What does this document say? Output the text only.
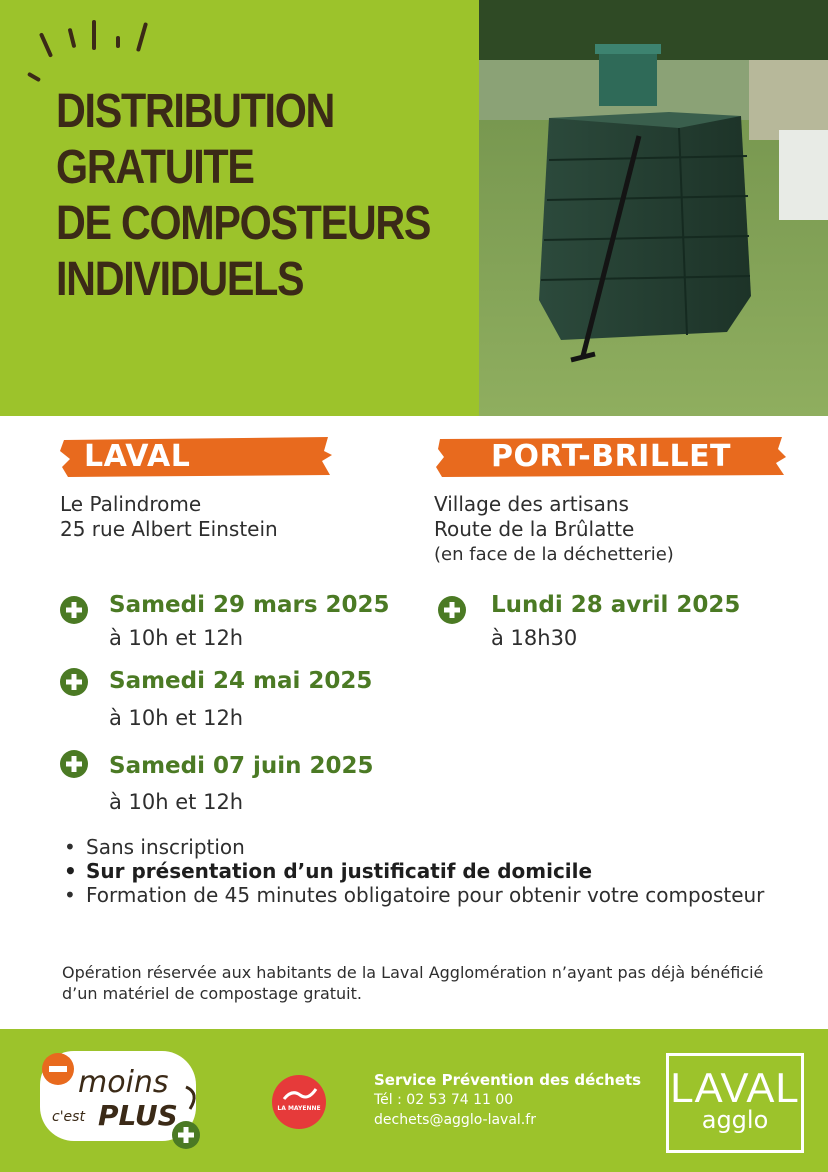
DISTRIBUTION
GRATUITE
DE COMPOSTEURS
INDIVIDUELS
LAVAL	PORT-BRILLET
Le Palindrome
25 rue Albert Einstein
Village des artisans
Route de la Brûlatte
(en face de la déchetterie)
Samedi 29 mars 2025
à 10h et 12h
Samedi 24 mai 2025
à 10h et 12h
Samedi 07 juin 2025
à 10h et 12h
Lundi 28 avril 2025
à 18h30
• Sans inscription
• Sur présentation d’un justificatif de domicile
• Formation de 45 minutes obligatoire pour obtenir votre composteur
Opération réservée aux habitants de la Laval Agglomération n’ayant pas déjà bénéficié d’un matériel de compostage gratuit.
moins
c'est PLUS	LA MAYENNE
Service Prévention des déchets
Tél : 02 53 74 11 00
dechets@agglo-laval.fr
LAVAL
agglo
